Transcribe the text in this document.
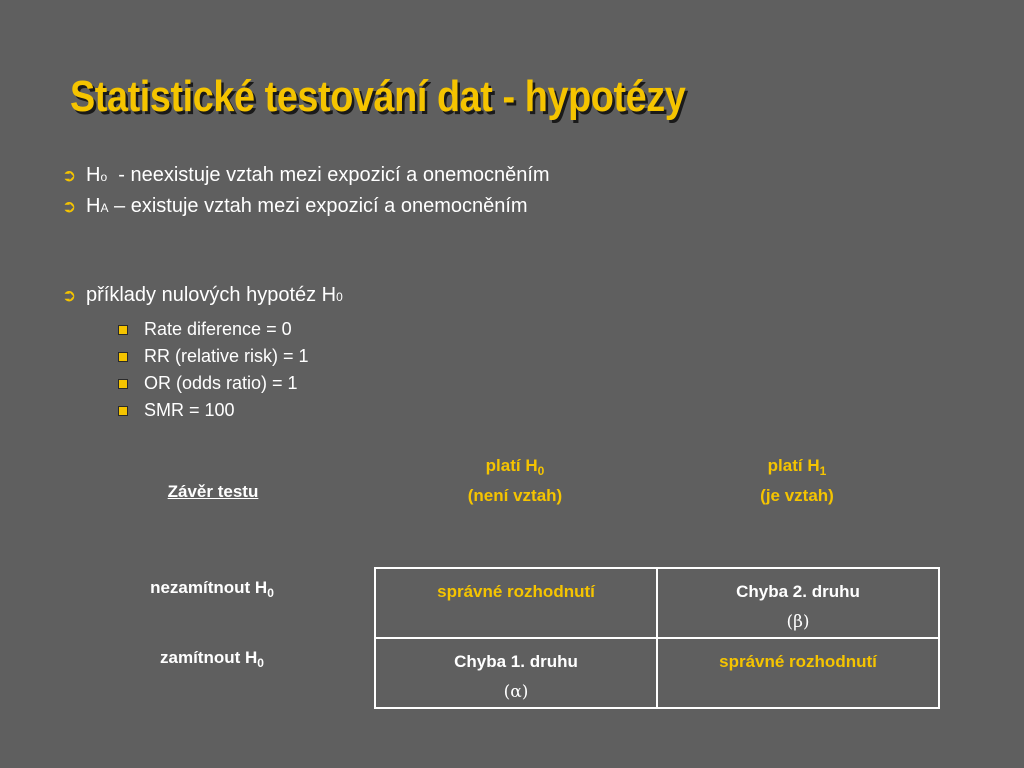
Statistické testování dat - hypotézy
➲ H o - neexistuje vztah mezi expozicí a onemocněním
➲ H A – existuje vztah mezi expozicí a onemocněním
➲ příklady nulových hypotéz H 0
Rate diference = 0
RR (relative risk) = 1
OR (odds ratio) = 1
SMR = 100
Závěr testu
platí $H_0$
(není vztah)
platí $H_1$
(je vztah)
nezamítnout $H_0$
zamítnout $H_0$
správné rozhodnutí	Chyba 2. druhu
(β)
Chyba 1. druhu
(α)
správné rozhodnutí
